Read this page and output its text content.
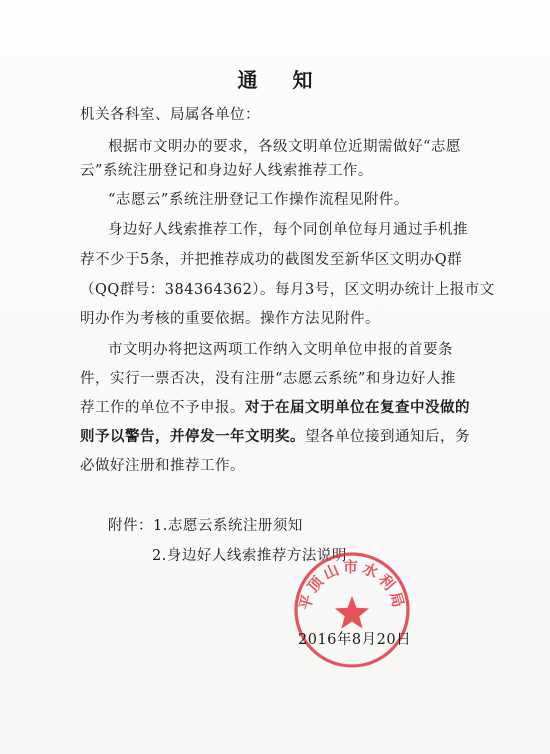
通 知
机关各科室、局属各单位：
根据市文明办的要求，各级文明单位近期需做好“志愿
云”系统注册登记和身边好人线索推荐工作。
“志愿云”系统注册登记工作操作流程见附件。
身边好人线索推荐工作，每个同创单位每月通过手机推
荐不少于5条，并把推荐成功的截图发至新华区文明办Q群
（QQ群号：384364362）。每月3号，区文明办统计上报市文
明办作为考核的重要依据。操作方法见附件。
市文明办将把这两项工作纳入文明单位申报的首要条
件，实行一票否决，没有注册“志愿云系统”和身边好人推
荐工作的单位不予申报。对于在届文明单位在复查中没做的
则予以警告，并停发一年文明奖。望各单位接到通知后，务
必做好注册和推荐工作。
附件：1.志愿云系统注册须知
2.身边好人线索推荐方法说明
平顶山市水利局
2016年8月20日
